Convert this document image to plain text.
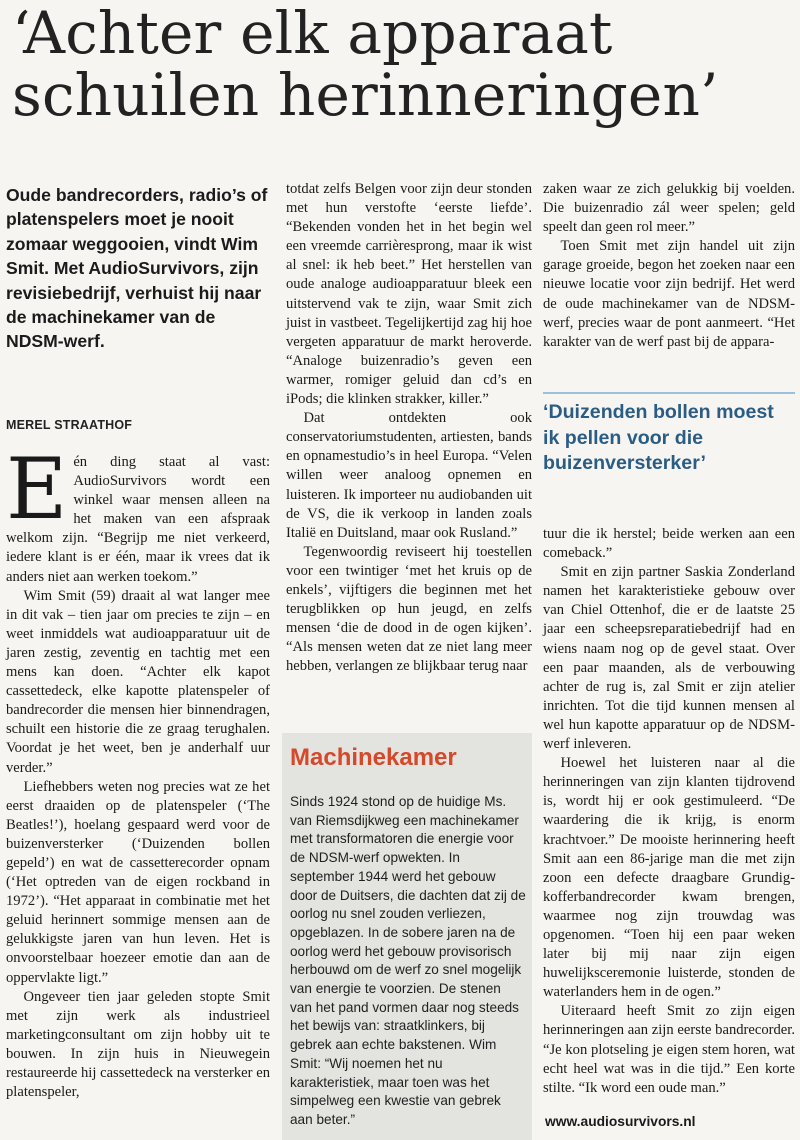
‘Achter elk apparaat
schuilen herinneringen’
Oude bandrecorders, radio’s of platenspelers moet je nooit zomaar weggooien, vindt Wim Smit. Met AudioSurvivors, zijn revisiebedrijf, verhuist hij naar de machinekamer van de NDSM-werf.
MEREL STRAATHOF

Eén ding staat al vast: AudioSurvivors wordt een winkel waar mensen alleen na het maken van een afspraak welkom zijn. “Begrijp me niet verkeerd, iedere klant is er één, maar ik vrees dat ik anders niet aan werken toekom.”

Wim Smit (59) draait al wat langer mee in dit vak – tien jaar om precies te zijn – en weet inmiddels wat audioapparatuur uit de jaren zestig, zeventig en tachtig met een mens kan doen. “Achter elk kapot cassettedeck, elke kapotte platenspeler of bandrecorder die mensen hier binnendragen, schuilt een historie die ze graag terughalen. Voordat je het weet, ben je anderhalf uur verder.”

Liefhebbers weten nog precies wat ze het eerst draaiden op de platenspeler (‘The Beatles!’), hoelang gespaard werd voor de buizenversterker (‘Duizenden bollen gepeld’) en wat de cassetterecorder opnam (‘Het optreden van de eigen rockband in 1972’). “Het apparaat in combinatie met het geluid herinnert sommige mensen aan de gelukkigste jaren van hun leven. Het is onvoorstelbaar hoezeer emotie dan aan de oppervlakte ligt.”

Ongeveer tien jaar geleden stopte Smit met zijn werk als industrieel marketingconsultant om zijn hobby uit te bouwen. In zijn huis in Nieuwegein restaureerde hij cassettedeck na versterker en platenspeler,

totdat zelfs Belgen voor zijn deur stonden met hun verstofte ‘eerste liefde’. “Bekenden vonden het in het begin wel een vreemde carrièresprong, maar ik wist al snel: ik heb beet.” Het herstellen van oude analoge audioapparatuur bleek een uitstervend vak te zijn, waar Smit zich juist in vastbeet. Tegelijkertijd zag hij hoe vergeten apparatuur de markt heroverde. “Analoge buizenradio’s geven een warmer, romiger geluid dan cd’s en iPods; die klinken strakker, killer.”

Dat ontdekten ook conservatoriumstudenten, artiesten, bands en opnamestudio’s in heel Europa. “Velen willen weer analoog opnemen en luisteren. Ik importeer nu audiobanden uit de VS, die ik verkoop in landen zoals Italië en Duitsland, maar ook Rusland.”

Tegenwoordig reviseert hij toestellen voor een twintiger ‘met het kruis op de enkels’, vijftigers die beginnen met het terugblikken op hun jeugd, en zelfs mensen ‘die de dood in de ogen kijken’. “Als mensen weten dat ze niet lang meer hebben, verlangen ze blijkbaar terug naar

Machinekamer
Sinds 1924 stond op de huidige Ms. van Riemsdijkweg een machinekamer met transformatoren die energie voor de NDSM-werf opwekten. In september 1944 werd het gebouw door de Duitsers, die dachten dat zij de oorlog nu snel zouden verliezen, opgeblazen. In de sobere jaren na de oorlog werd het gebouw provisorisch herbouwd om de werf zo snel mogelijk van energie te voorzien. De stenen van het pand vormen daar nog steeds het bewijs van: straatklinkers, bij gebrek aan echte bakstenen. Wim Smit: “Wij noemen het nu karakteristiek, maar toen was het simpelweg een kwestie van gebrek aan beter.”

zaken waar ze zich gelukkig bij voelden. Die buizenradio zál weer spelen; geld speelt dan geen rol meer.”

Toen Smit met zijn handel uit zijn garage groeide, begon het zoeken naar een nieuwe locatie voor zijn bedrijf. Het werd de oude machinekamer van de NDSM-werf, precies waar de pont aanmeert. “Het karakter van de werf past bij de appara-

‘Duizenden bollen moest ik pellen voor die buizenversterker’

tuur die ik herstel; beide werken aan een comeback.”

Smit en zijn partner Saskia Zonderland namen het karakteristieke gebouw over van Chiel Ottenhof, die er de laatste 25 jaar een scheepsreparatiebedrijf had en wiens naam nog op de gevel staat. Over een paar maanden, als de verbouwing achter de rug is, zal Smit er zijn atelier inrichten. Tot die tijd kunnen mensen al wel hun kapotte apparatuur op de NDSM-werf inleveren.

Hoewel het luisteren naar al die herinneringen van zijn klanten tijdrovend is, wordt hij er ook gestimuleerd. “De waardering die ik krijg, is enorm krachtvoer.” De mooiste herinnering heeft Smit aan een 86-jarige man die met zijn zoon een defecte draagbare Grundig-kofferbandrecorder kwam brengen, waarmee nog zijn trouwdag was opgenomen. “Toen hij een paar weken later bij mij naar zijn eigen huwelijksceremonie luisterde, stonden de waterlanders hem in de ogen.”

Uiteraard heeft Smit zo zijn eigen herinneringen aan zijn eerste bandrecorder. “Je kon plotseling je eigen stem horen, wat echt heel wat was in die tijd.” Een korte stilte. “Ik word een oude man.”

www.audiosurvivors.nl
